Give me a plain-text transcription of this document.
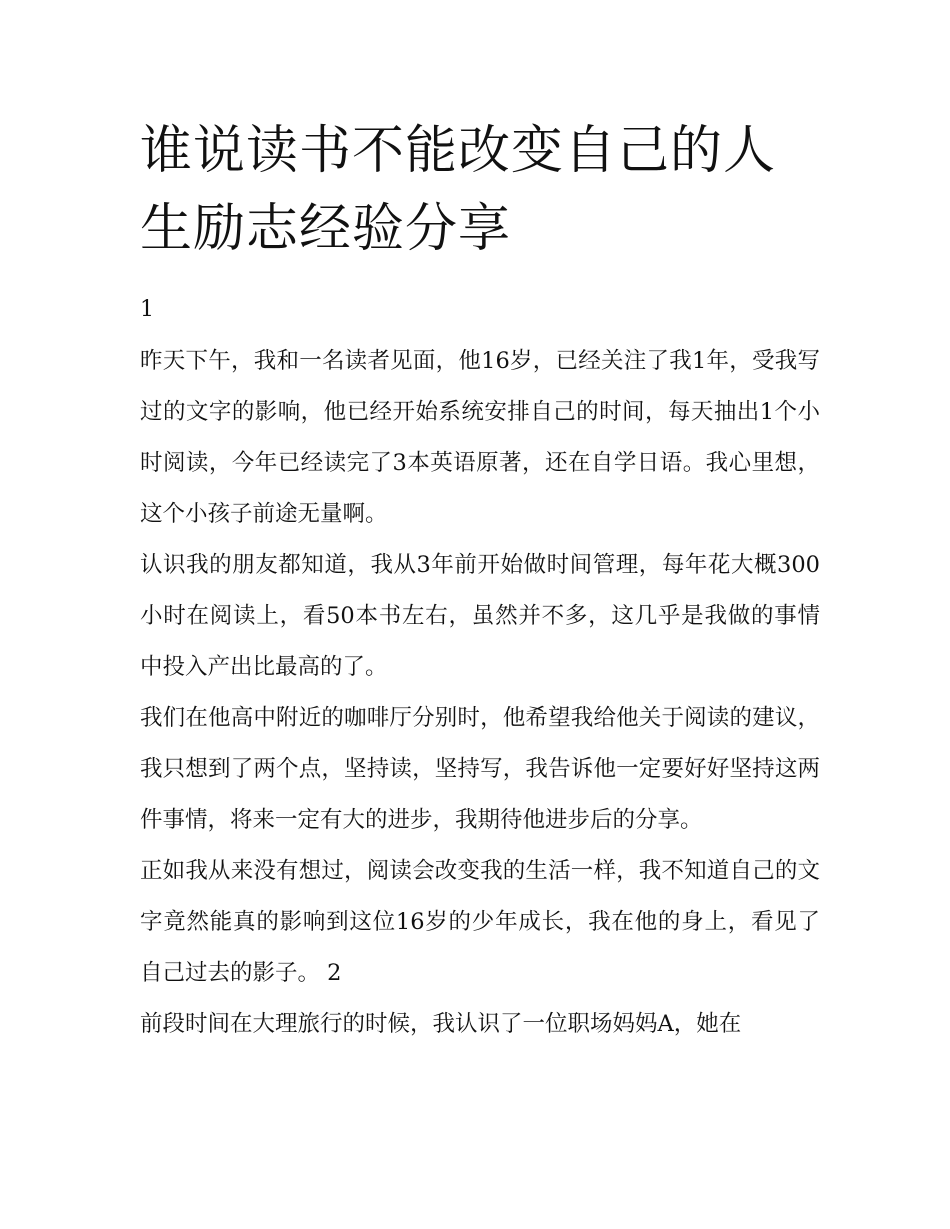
谁说读书不能改变自己的人生励志经验分享

1

昨天下午，我和一名读者见面，他16岁，已经关注了我1年，受我写过的文字的影响，他已经开始系统安排自己的时间，每天抽出1个小时阅读，今年已经读完了3本英语原著，还在自学日语。我心里想，这个小孩子前途无量啊。

认识我的朋友都知道，我从3年前开始做时间管理，每年花大概300小时在阅读上，看50本书左右，虽然并不多，这几乎是我做的事情中投入产出比最高的了。

我们在他高中附近的咖啡厅分别时，他希望我给他关于阅读的建议，我只想到了两个点，坚持读，坚持写，我告诉他一定要好好坚持这两件事情，将来一定有大的进步，我期待他进步后的分享。

正如我从来没有想过，阅读会改变我的生活一样，我不知道自己的文字竟然能真的影响到这位16岁的少年成长，我在他的身上，看见了自己过去的影子。 2

前段时间在大理旅行的时候，我认识了一位职场妈妈A，她在
